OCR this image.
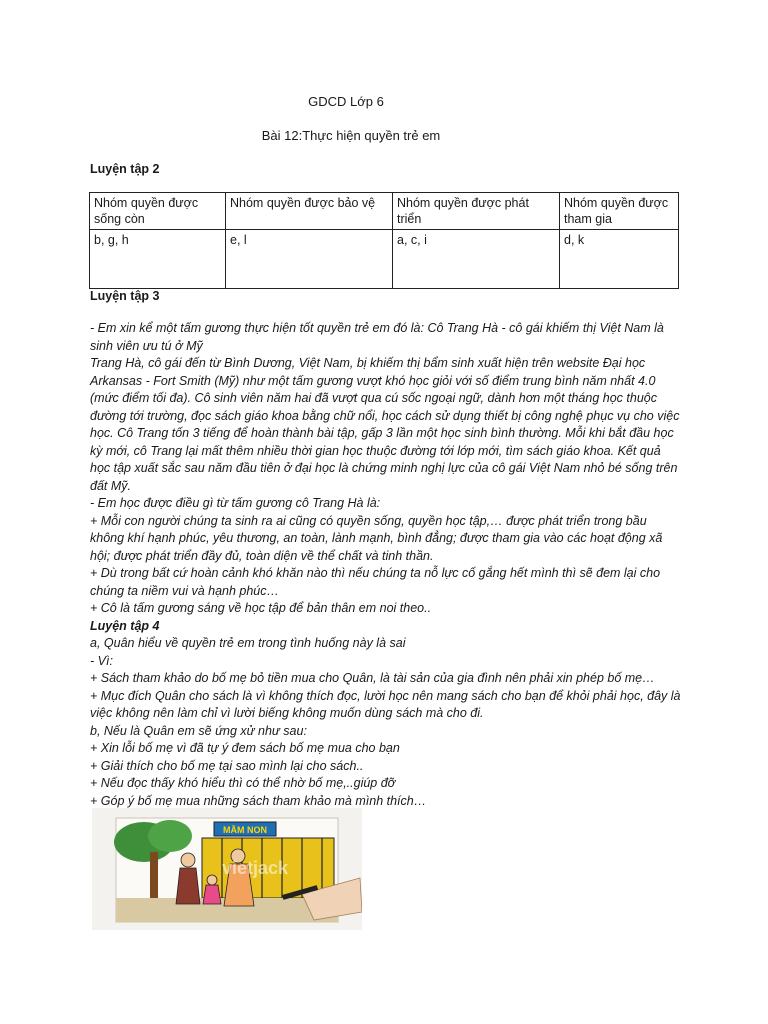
GDCD Lớp 6
Bài 12:Thực hiện quyền trẻ em
Luyện tập 2
Nhóm quyền được sống còn	Nhóm quyền được bảo vệ	Nhóm quyền được phát triển	Nhóm quyền được tham gia
b, g, h	e, l	a, c, i	d, k
Luyện tập 3

- Em xin kể một tấm gương thực hiện tốt quyền trẻ em đó là: Cô Trang Hà - cô gái khiếm thị Việt Nam là sinh viên ưu tú ở Mỹ

Trang Hà, cô gái đến từ Bình Dương, Việt Nam, bị khiếm thị bẩm sinh xuất hiện trên website Đại học Arkansas - Fort Smith (Mỹ) như một tấm gương vượt khó học giỏi với số điểm trung bình năm nhất 4.0 (mức điểm tối đa). Cô sinh viên năm hai đã vượt qua cú sốc ngoại ngữ, dành hơn một tháng học thuộc đường tới trường, đọc sách giáo khoa bằng chữ nổi, học cách sử dụng thiết bị công nghệ phục vụ cho việc học. Cô Trang tốn 3 tiếng để hoàn thành bài tập, gấp 3 lần một học sinh bình thường. Mỗi khi bắt đầu học kỳ mới, cô Trang lại mất thêm nhiều thời gian học thuộc đường tới lớp mới, tìm sách giáo khoa. Kết quả học tập xuất sắc sau năm đầu tiên ở đại học là chứng minh nghị lực của cô gái Việt Nam nhỏ bé sống trên đất Mỹ.

- Em học được điều gì từ tấm gương cô Trang Hà là:

+ Mỗi con người chúng ta sinh ra ai cũng có quyền sống, quyền học tập,… được phát triển trong bầu không khí hạnh phúc, yêu thương, an toàn, lành mạnh, bình đẳng; được tham gia vào các hoạt động xã hội; được phát triển đầy đủ, toàn diện về thể chất và tinh thần.

+ Dù trong bất cứ hoàn cảnh khó khăn nào thì nếu chúng ta nỗ lực cố gắng hết mình thì sẽ đem lại cho chúng ta niềm vui và hạnh phúc…

+ Cô là tấm gương sáng về học tập để bản thân em noi theo..

Luyện tập 4

a, Quân hiểu về quyền trẻ em trong tình huống này là sai

- Vì:

+ Sách tham khảo do bố mẹ bỏ tiền mua cho Quân, là tài sản của gia đình nên phải xin phép bố mẹ…

+ Mục đích Quân cho sách là vì không thích đọc, lười học nên mang sách cho bạn để khỏi phải học, đây là việc không nên làm chỉ vì lười biếng không muốn dùng sách mà cho đi.

b, Nếu là Quân em sẽ ứng xử như sau:

+ Xin lỗi bố mẹ vì đã tự ý đem sách bố mẹ mua cho bạn

+ Giải thích cho bố mẹ tại sao mình lại cho sách..

+ Nếu đọc thấy khó hiểu thì có thể nhờ bố mẹ,..giúp đỡ

+ Góp ý bố mẹ mua những sách tham khảo mà mình thích…

MẦM NON
vietjack
